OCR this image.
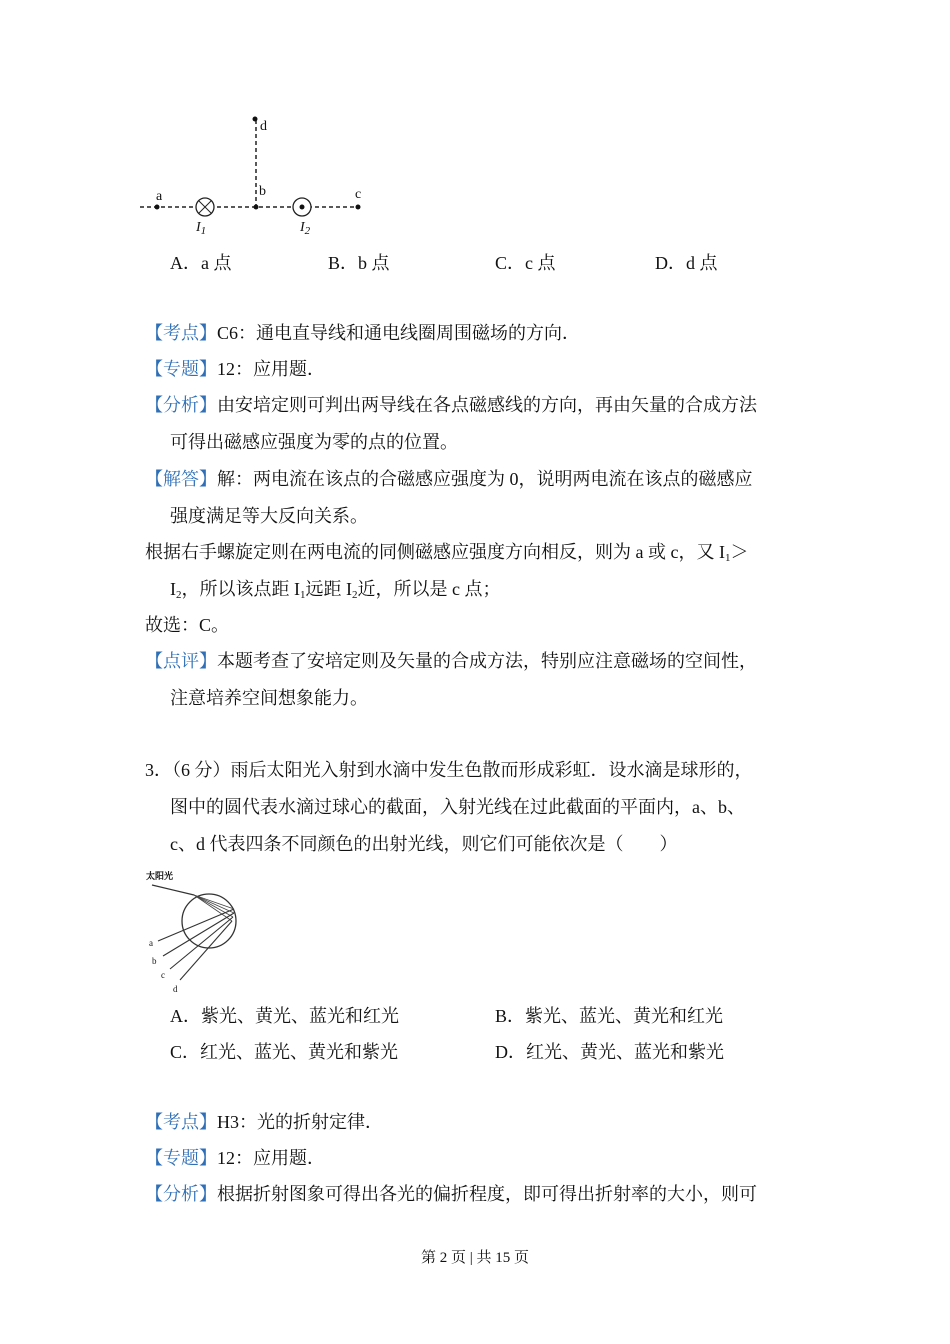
a	b	c
d
$I_1$	$I_2$
A．a 点	B．b 点	C．c 点	D．d 点
【考点】C6：通电直导线和通电线圈周围磁场的方向．
【专题】12：应用题．
【分析】由安培定则可判出两导线在各点磁感线的方向，再由矢量的合成方法
可得出磁感应强度为零的点的位置。
【解答】解：两电流在该点的合磁感应强度为 0，说明两电流在该点的磁感应
强度满足等大反向关系。
根据右手螺旋定则在两电流的同侧磁感应强度方向相反，则为 a 或 c，又 $I_1>$
$I_2$，所以该点距 $I_1$远距 $I_2$近，所以是 c 点；
故选：C。
【点评】本题考查了安培定则及矢量的合成方法，特别应注意磁场的空间性，
注意培养空间想象能力。
3．（6 分）雨后太阳光入射到水滴中发生色散而形成彩虹．设水滴是球形的，
图中的圆代表水滴过球心的截面，入射光线在过此截面的平面内，a、b、
c、d 代表四条不同颜色的出射光线，则它们可能依次是（　　）
太阳光
a
b
c
d
A．紫光、黄光、蓝光和红光	B．紫光、蓝光、黄光和红光
C．红光、蓝光、黄光和紫光	D．红光、黄光、蓝光和紫光
【考点】H3：光的折射定律．
【专题】12：应用题．
【分析】根据折射图象可得出各光的偏折程度，即可得出折射率的大小，则可
第 2 页 | 共 15 页
